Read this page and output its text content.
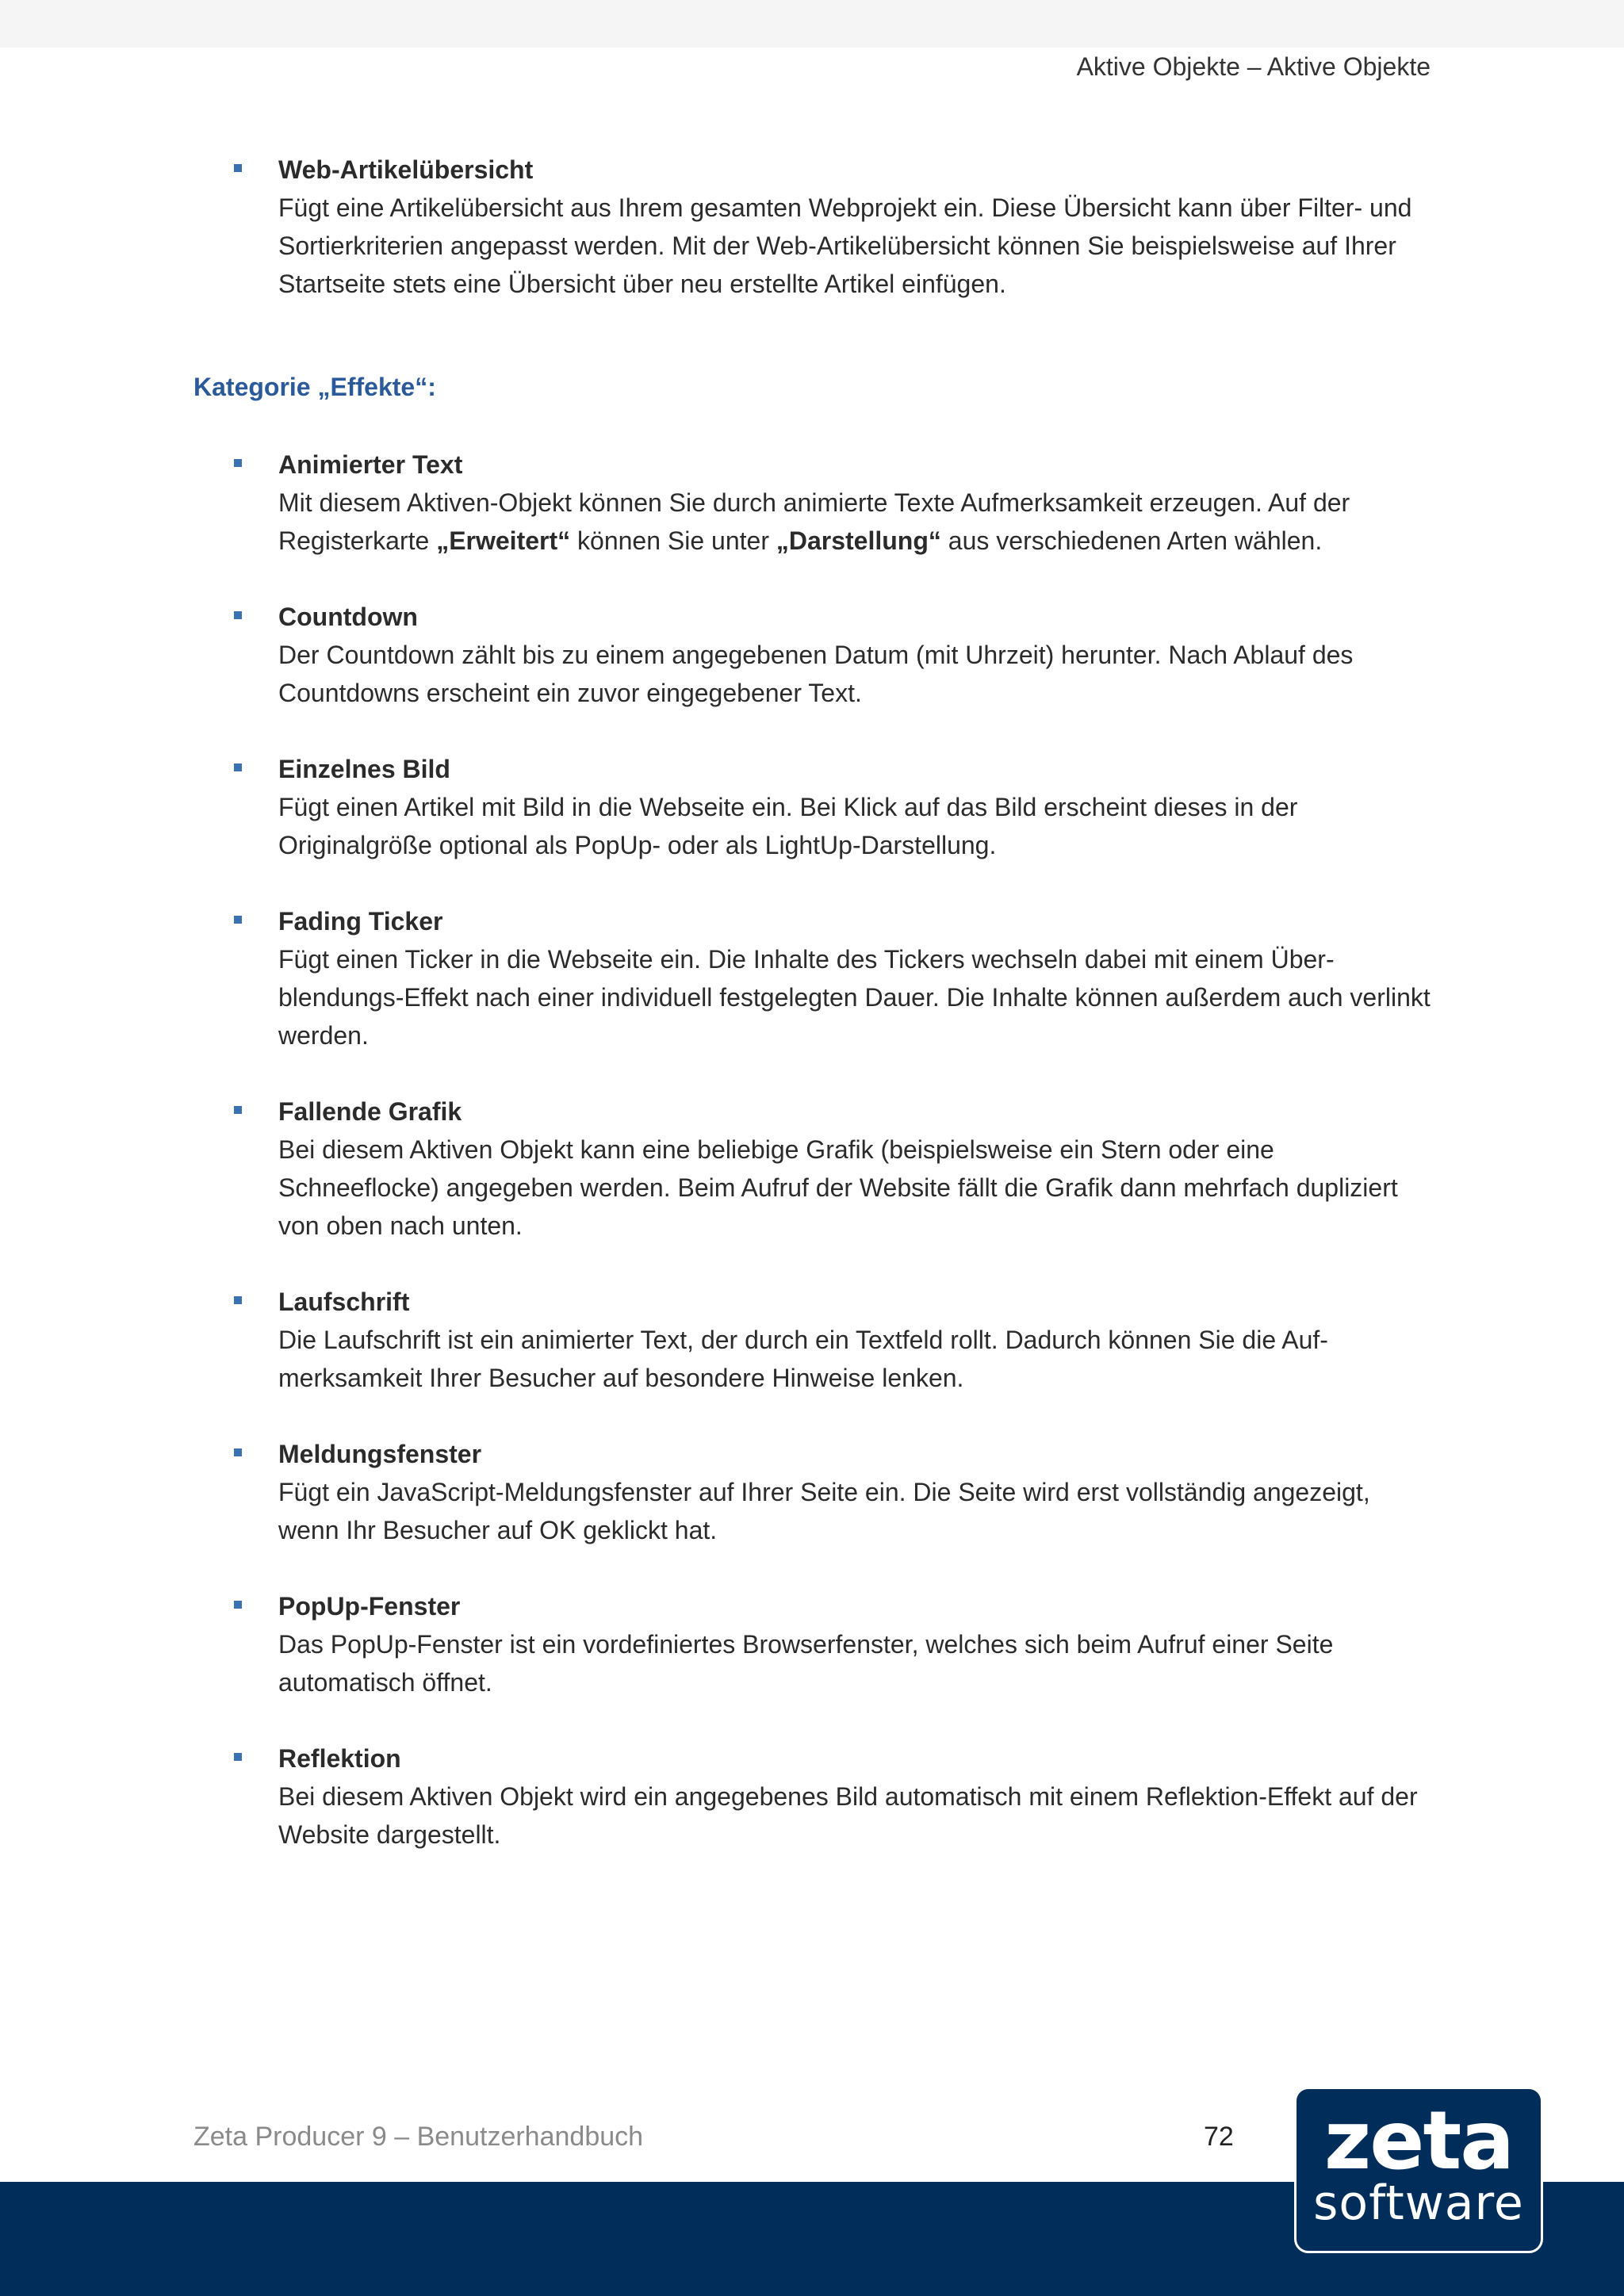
Aktive Objekte – Aktive Objekte
Web-Artikelübersicht
Fügt eine Artikelübersicht aus Ihrem gesamten Webprojekt ein. Diese Übersicht kann über Filter- und Sortierkriterien angepasst werden. Mit der Web-Artikelübersicht können Sie beispielsweise auf Ihrer Startseite stets eine Übersicht über neu erstellte Artikel einfügen.
Kategorie „Effekte“:
Animierter Text
Mit diesem Aktiven-Objekt können Sie durch animierte Texte Aufmerksamkeit erzeugen. Auf der Registerkarte „Erweitert“ können Sie unter „Darstellung“ aus verschiedenen Arten wählen.
Countdown
Der Countdown zählt bis zu einem angegebenen Datum (mit Uhrzeit) herunter. Nach Ablauf des Countdowns erscheint ein zuvor eingegebener Text.
Einzelnes Bild
Fügt einen Artikel mit Bild in die Webseite ein. Bei Klick auf das Bild erscheint dieses in der Originalgröße optional als PopUp- oder als LightUp-Darstellung.
Fading Ticker
Fügt einen Ticker in die Webseite ein. Die Inhalte des Tickers wechseln dabei mit einem Überblendungs-Effekt nach einer individuell festgelegten Dauer. Die Inhalte können außerdem auch verlinkt werden.
Fallende Grafik
Bei diesem Aktiven Objekt kann eine beliebige Grafik (beispielsweise ein Stern oder eine Schneeflocke) angegeben werden. Beim Aufruf der Website fällt die Grafik dann mehrfach dupliziert von oben nach unten.
Laufschrift
Die Laufschrift ist ein animierter Text, der durch ein Textfeld rollt. Dadurch können Sie die Aufmerksamkeit Ihrer Besucher auf besondere Hinweise lenken.
Meldungsfenster
Fügt ein JavaScript-Meldungsfenster auf Ihrer Seite ein. Die Seite wird erst vollständig angezeigt, wenn Ihr Besucher auf OK geklickt hat.
PopUp-Fenster
Das PopUp-Fenster ist ein vordefiniertes Browserfenster, welches sich beim Aufruf einer Seite automatisch öffnet.
Reflektion
Bei diesem Aktiven Objekt wird ein angegebenes Bild automatisch mit einem Reflektion-Effekt auf der Website dargestellt.
Zeta Producer 9 – Benutzerhandbuch	72	zeta
software
